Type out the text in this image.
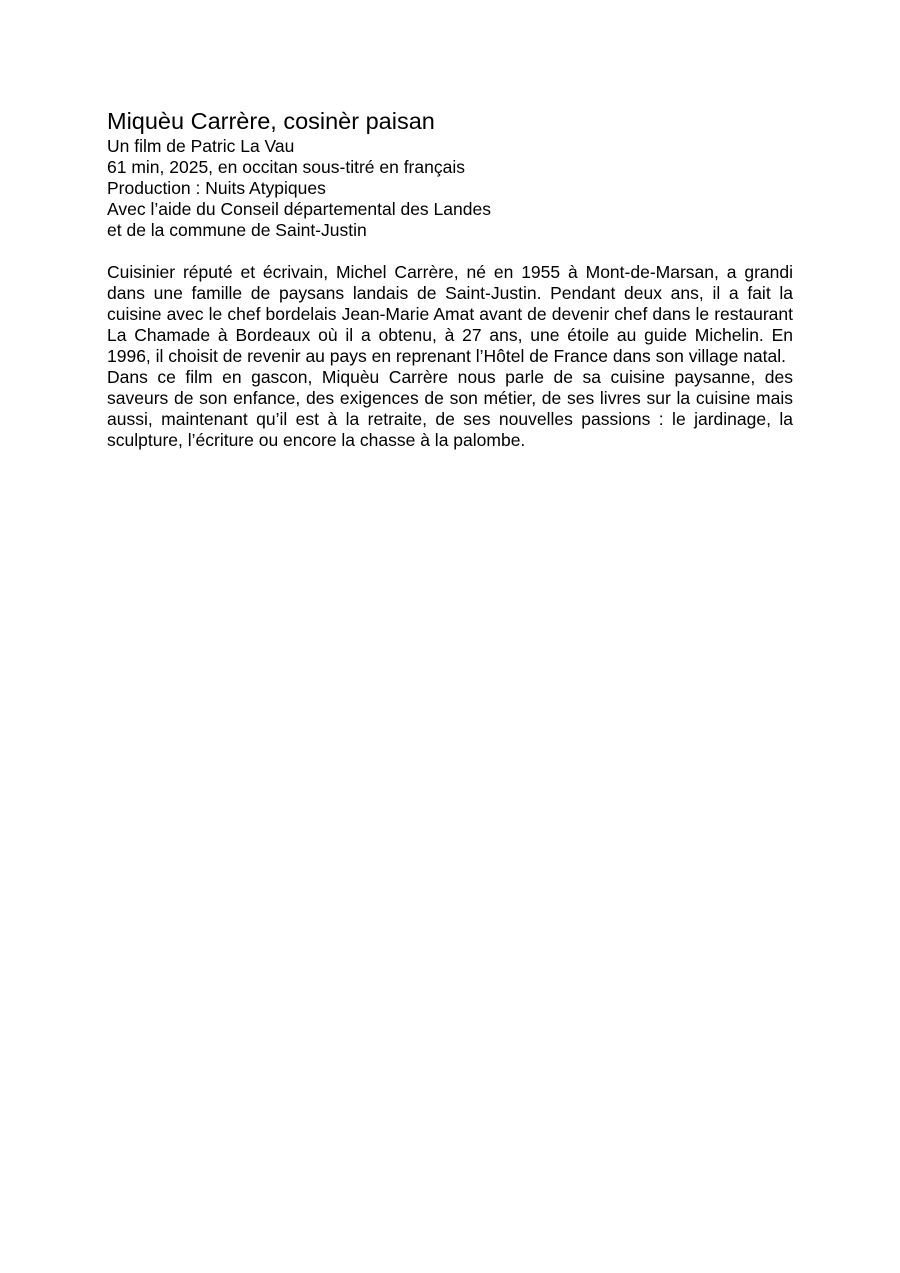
Miquèu Carrère, cosinèr paisan

Un film de Patric La Vau

61 min, 2025, en occitan sous-titré en français

Production : Nuits Atypiques

Avec l’aide du Conseil départemental des Landes

et de la commune de Saint-Justin

Cuisinier réputé et écrivain, Michel Carrère, né en 1955 à Mont-de-Marsan, a grandi dans une famille de paysans landais de Saint-Justin. Pendant deux ans, il a fait la cuisine avec le chef bordelais Jean-Marie Amat avant de devenir chef dans le restaurant La Chamade à Bordeaux où il a obtenu, à 27 ans, une étoile au guide Michelin. En 1996, il choisit de revenir au pays en reprenant l’Hôtel de France dans son village natal.

Dans ce film en gascon, Miquèu Carrère nous parle de sa cuisine paysanne, des saveurs de son enfance, des exigences de son métier, de ses livres sur la cuisine mais aussi, maintenant qu’il est à la retraite, de ses nouvelles passions : le jardinage, la sculpture, l’écriture ou encore la chasse à la palombe.
